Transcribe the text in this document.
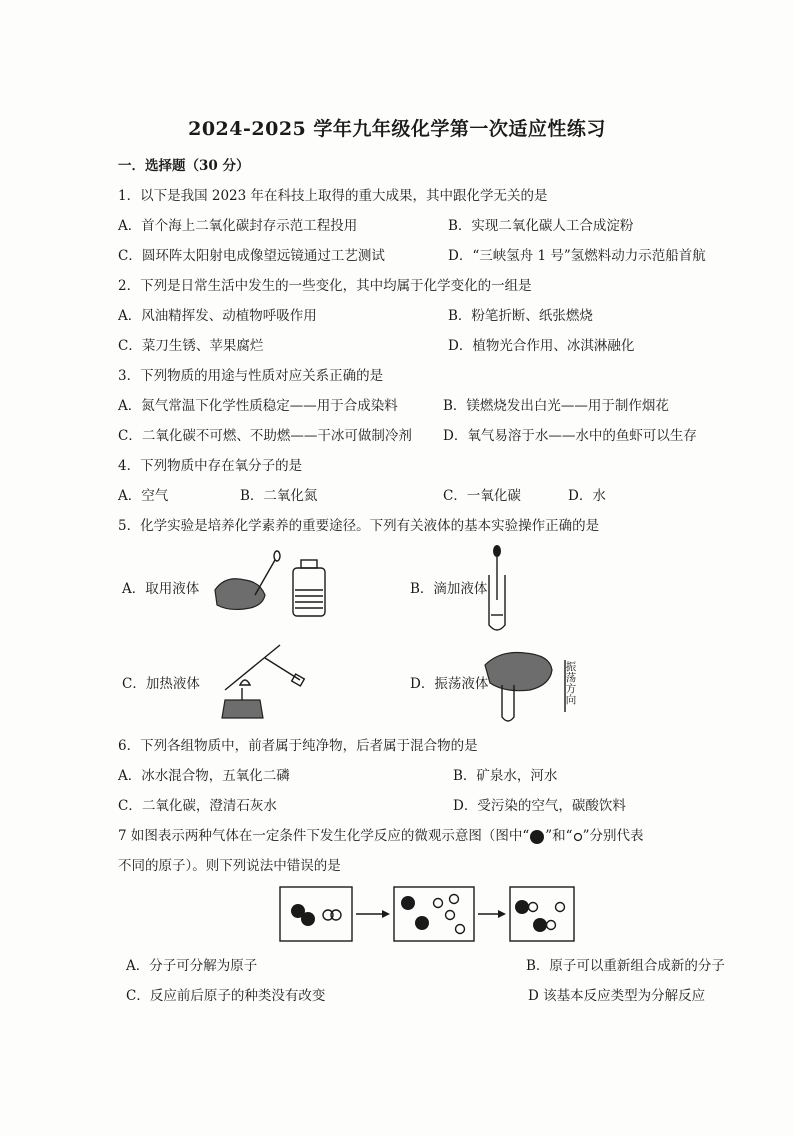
2024-2025 学年九年级化学第一次适应性练习
一．选择题（30 分）
1．以下是我国 2023 年在科技上取得的重大成果，其中跟化学无关的是
A．首个海上二氧化碳封存示范工程投用	B．实现二氧化碳人工合成淀粉
C．圆环阵太阳射电成像望远镜通过工艺测试	D．“三峡氢舟 1 号”氢燃料动力示范船首航
2．下列是日常生活中发生的一些变化，其中均属于化学变化的一组是
A．风油精挥发、动植物呼吸作用	B．粉笔折断、纸张燃烧
C．菜刀生锈、苹果腐烂	D．植物光合作用、冰淇淋融化
3．下列物质的用途与性质对应关系正确的是
A．氮气常温下化学性质稳定——用于合成染料	B．镁燃烧发出白光——用于制作烟花
C．二氧化碳不可燃、不助燃——干冰可做制冷剂 D．氧气易溶于水——水中的鱼虾可以生存
4．下列物质中存在氧分子的是
A．空气	B．二氧化氮	C．一氧化碳	D．水
5．化学实验是培养化学素养的重要途径。下列有关液体的基本实验操作正确的是
A．取用液体	B．滴加液体
C．加热液体	D．振荡液体
振荡方向
6．下列各组物质中，前者属于纯净物，后者属于混合物的是
A．冰水混合物，五氧化二磷	B．矿泉水，河水
C．二氧化碳，澄清石灰水	D．受污染的空气，碳酸饮料
7 如图表示两种气体在一定条件下发生化学反应的微观示意图（图中“ ”和“ ”分别代表
不同的原子）。则下列说法中错误的是
A．分子可分解为原子	B．原子可以重新组合成新的分子
C．反应前后原子的种类没有改变	D 该基本反应类型为分解反应
